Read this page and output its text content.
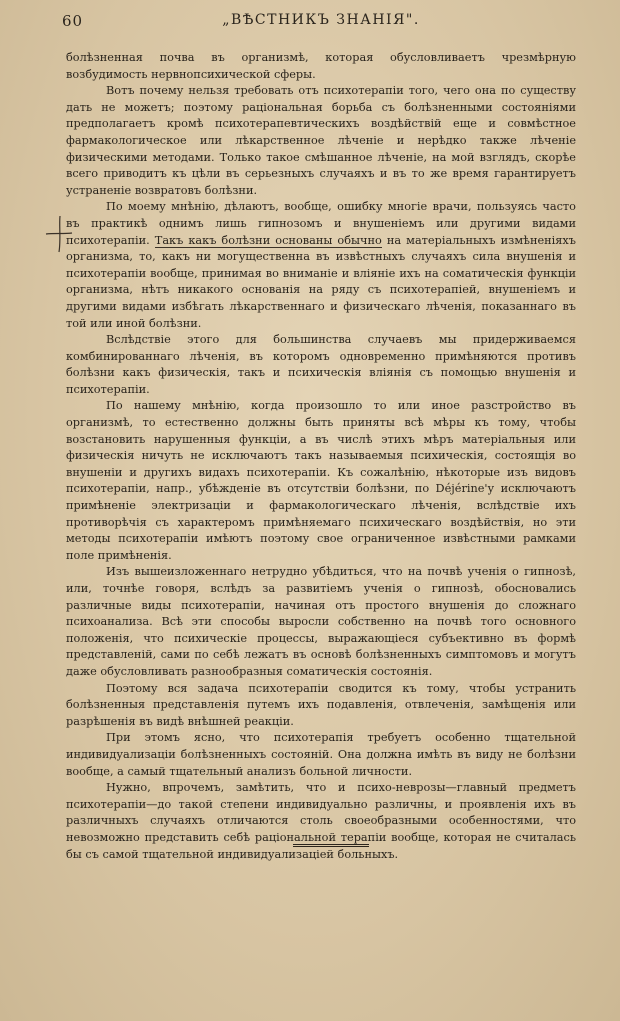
60	„ВѢСТНИКЪ ЗНАНІЯ".

болѣзненная почва въ организмѣ, которая обусловливаетъ чрезмѣрную возбудимость нервнопсихической сферы.

Вотъ почему нельзя требовать отъ психотерапіи того, чего она по существу дать не можетъ; поэтому раціональная борьба съ болѣзненными состояніями предполагаетъ кромѣ психотерапевтическихъ воздѣйствій еще и совмѣстное фармакологическое или лѣкарственное лѣченіе и нерѣдко также лѣченіе физическими методами. Только такое смѣшанное лѣченіе, на мой взглядъ, скорѣе всего приводитъ къ цѣли въ серьезныхъ случаяхъ и въ то же время гарантируетъ устраненіе возвратовъ болѣзни.

По моему мнѣнію, дѣлаютъ, вообще, ошибку многіе врачи, пользуясь часто въ практикѣ однимъ лишь гипнозомъ и внушеніемъ или другими видами психотерапіи. Такъ какъ болѣзни основаны обычно на матеріальныхъ измѣненіяхъ организма, то, какъ ни могущественна въ извѣстныхъ случаяхъ сила внушенія и психотерапіи вообще, принимая во вниманіе и вліяніе ихъ на соматическія функціи организма, нѣтъ никакого основанія на ряду съ психотерапіей, внушеніемъ и другими видами избѣгать лѣкарственнаго и физическаго лѣченія, показаннаго въ той или иной болѣзни.

Вслѣдствіе этого для большинства случаевъ мы придерживаемся комбинированнаго лѣченія, въ которомъ одновременно примѣняются противъ болѣзни какъ физическія, такъ и психическія вліянія съ помощью внушенія и психотерапіи.

По нашему мнѣнію, когда произошло то или иное разстройство въ организмѣ, то естественно должны быть приняты всѣ мѣры къ тому, чтобы возстановить нарушенныя функціи, а въ числѣ этихъ мѣръ матеріальныя или физическія ничуть не исключаютъ такъ называемыя психическія, состоящія во внушеніи и другихъ видахъ психотерапіи. Къ сожалѣнію, нѣкоторые изъ видовъ психотерапіи, напр., убѣжденіе въ отсутствіи болѣзни, по Déjérine'у исключаютъ примѣненіе электризаціи и фармакологическаго лѣченія, вслѣдствіе ихъ противорѣчія съ характеромъ примѣняемаго психическаго воздѣйствія, но эти методы психотерапіи имѣютъ поэтому свое ограниченное извѣстными рамками поле примѣненія.

Изъ вышеизложеннаго нетрудно убѣдиться, что на почвѣ ученія о гипнозѣ, или, точнѣе говоря, вслѣдъ за развитіемъ ученія о гипнозѣ, обосновались различные виды психотерапіи, начиная отъ простого внушенія до сложнаго психоанализа. Всѣ эти способы выросли собственно на почвѣ того основного положенія, что психическіе процессы, выражающіеся субъективно въ формѣ представленій, сами по себѣ лежатъ въ основѣ болѣзненныхъ симптомовъ и могутъ даже обусловливать разнообразныя соматическія состоянія.

Поэтому вся задача психотерапіи сводится къ тому, чтобы устранить болѣзненныя представленія путемъ ихъ подавленія, отвлеченія, замѣщенія или разрѣшенія въ видѣ внѣшней реакціи.

При этомъ ясно, что психотерапія требуетъ особенно тщательной индивидуализаціи болѣзненныхъ состояній. Она должна имѣть въ виду не болѣзни вообще, а самый тщательный анализъ больной личности.

Нужно, впрочемъ, замѣтить, что и психо-неврозы—главный предметъ психотерапіи—до такой степени индивидуально различны, и проявленія ихъ въ различныхъ случаяхъ отличаются столь своеобразными особенностями, что невозможно представить себѣ раціональной терапіи вообще, которая не считалась бы съ самой тщательной индивидуализаціей больныхъ.
